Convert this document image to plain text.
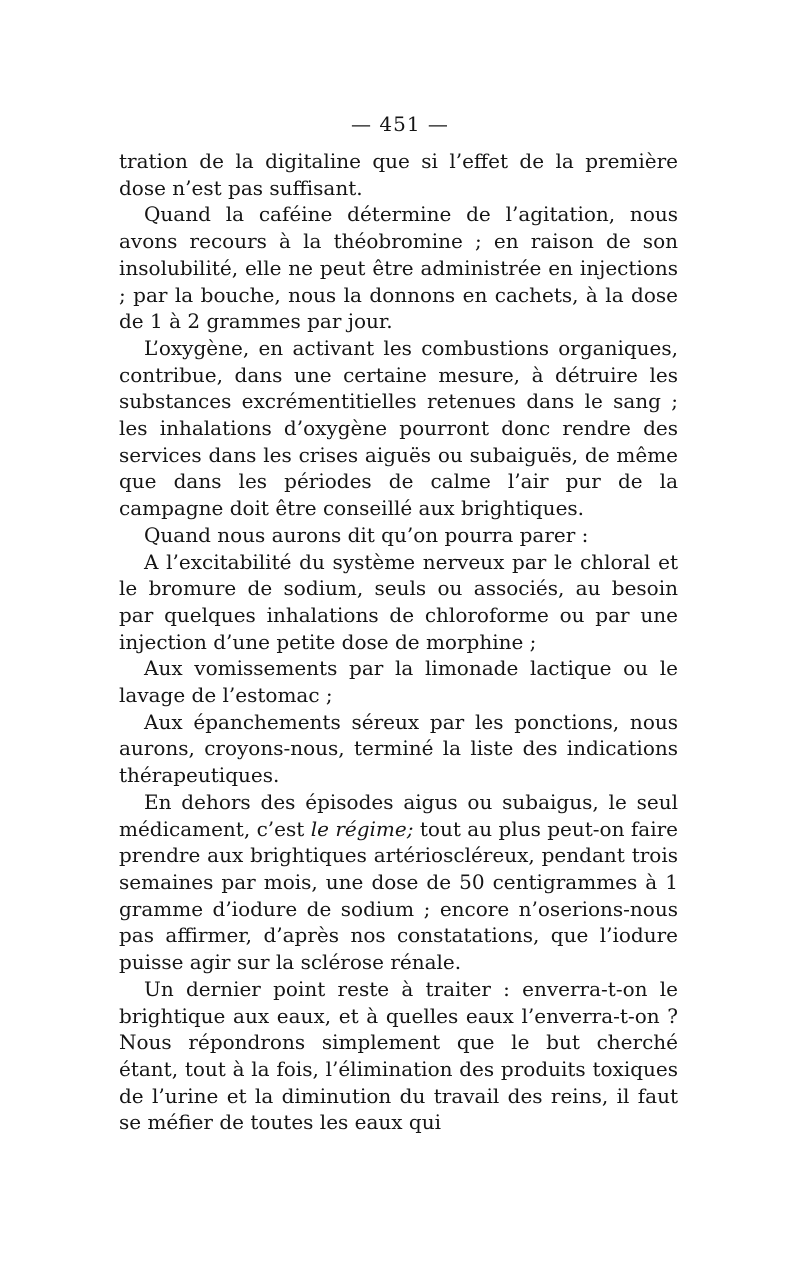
— 451 —

tration de la digitaline que si l’effet de la première dose n’est pas suffisant.

Quand la caféine détermine de l’agitation, nous avons recours à la théobromine ; en raison de son insolubilité, elle ne peut être administrée en injections ; par la bouche, nous la donnons en cachets, à la dose de 1 à 2 grammes par jour.

L’oxygène, en activant les combustions organiques, contribue, dans une certaine mesure, à détruire les substances excrémentitielles retenues dans le sang ; les inhalations d’oxygène pourront donc rendre des services dans les crises aiguës ou subaiguës, de même que dans les périodes de calme l’air pur de la campagne doit être conseillé aux brightiques.

Quand nous aurons dit qu’on pourra parer :

A l’excitabilité du système nerveux par le chloral et le bromure de sodium, seuls ou associés, au besoin par quelques inhalations de chloroforme ou par une injection d’une petite dose de morphine ;

Aux vomissements par la limonade lactique ou le lavage de l’estomac ;

Aux épanchements séreux par les ponctions, nous aurons, croyons-nous, terminé la liste des indications thérapeutiques.

En dehors des épisodes aigus ou subaigus, le seul médicament, c’est le régime; tout au plus peut-on faire prendre aux brightiques artérioscléreux, pendant trois semaines par mois, une dose de 50 centigrammes à 1 gramme d’iodure de sodium ; encore n’oserions-nous pas affirmer, d’après nos constatations, que l’iodure puisse agir sur la sclérose rénale.

Un dernier point reste à traiter : enverra-t-on le brightique aux eaux, et à quelles eaux l’enverra-t-on ? Nous répondrons simplement que le but cherché étant, tout à la fois, l’élimination des produits toxiques de l’urine et la diminution du travail des reins, il faut se méfier de toutes les eaux qui
